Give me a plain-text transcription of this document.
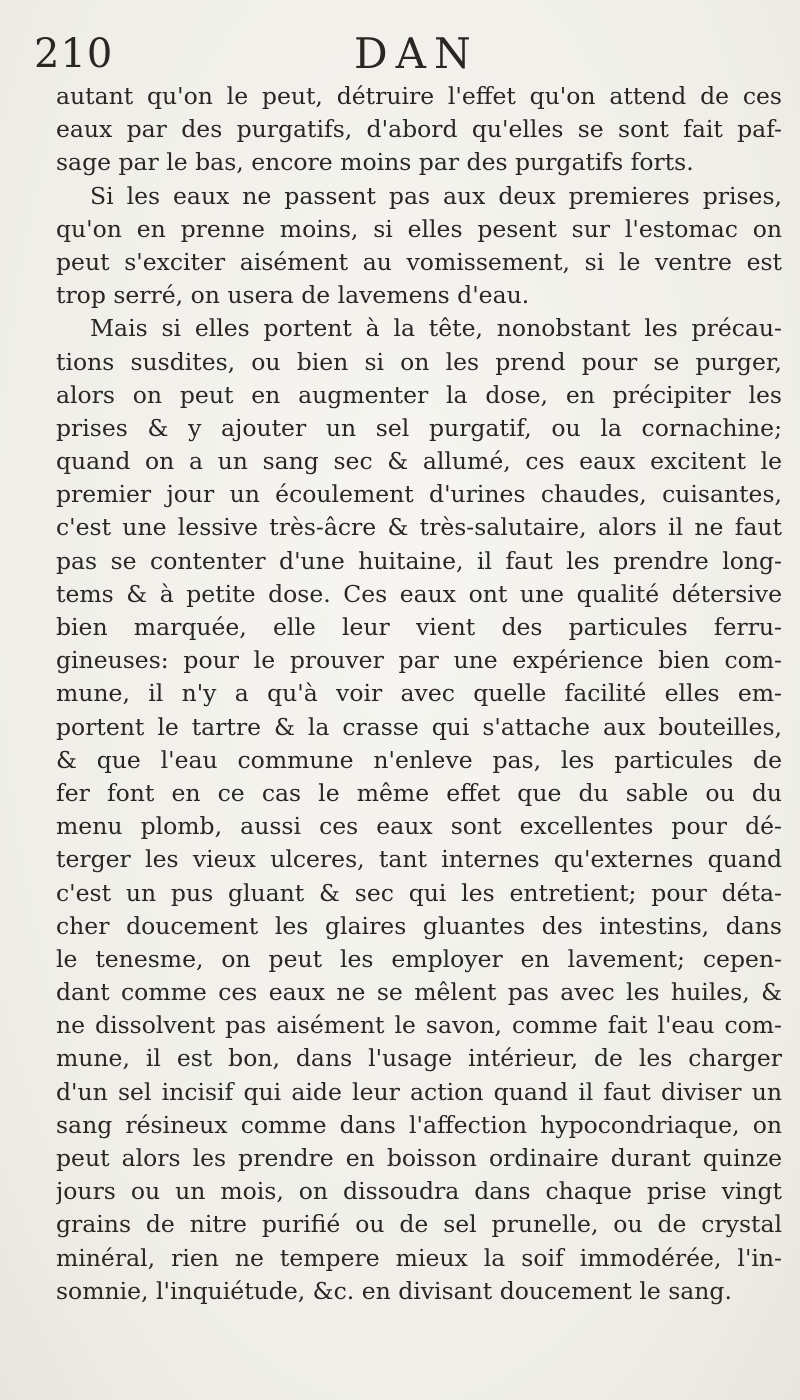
210	DAN
autant qu'on le peut, détruire l'effet qu'on attend de ces
eaux par des purgatifs, d'abord qu'elles se sont fait paf-
sage par le bas, encore moins par des purgatifs forts.
Si les eaux ne passent pas aux deux premieres prises,
qu'on en prenne moins, si elles pesent sur l'estomac on
peut s'exciter aisément au vomissement, si le ventre est
trop serré, on usera de lavemens d'eau.
Mais si elles portent à la tête, nonobstant les précau-
tions susdites, ou bien si on les prend pour se purger,
alors on peut en augmenter la dose, en précipiter les
prises & y ajouter un sel purgatif, ou la cornachine;
quand on a un sang sec & allumé, ces eaux excitent le
premier jour un écoulement d'urines chaudes, cuisantes,
c'est une lessive très-âcre & très-salutaire, alors il ne faut
pas se contenter d'une huitaine, il faut les prendre long-
tems & à petite dose. Ces eaux ont une qualité détersive
bien marquée, elle leur vient des particules ferru-
gineuses: pour le prouver par une expérience bien com-
mune, il n'y a qu'à voir avec quelle facilité elles em-
portent le tartre & la crasse qui s'attache aux bouteilles,
& que l'eau commune n'enleve pas, les particules de
fer font en ce cas le même effet que du sable ou du
menu plomb, aussi ces eaux sont excellentes pour dé-
terger les vieux ulceres, tant internes qu'externes quand
c'est un pus gluant & sec qui les entretient; pour déta-
cher doucement les glaires gluantes des intestins, dans
le tenesme, on peut les employer en lavement; cepen-
dant comme ces eaux ne se mêlent pas avec les huiles, &
ne dissolvent pas aisément le savon, comme fait l'eau com-
mune, il est bon, dans l'usage intérieur, de les charger
d'un sel incisif qui aide leur action quand il faut diviser un
sang résineux comme dans l'affection hypocondriaque, on
peut alors les prendre en boisson ordinaire durant quinze
jours ou un mois, on dissoudra dans chaque prise vingt
grains de nitre purifié ou de sel prunelle, ou de crystal
minéral, rien ne tempere mieux la soif immodérée, l'in-
somnie, l'inquiétude, &c. en divisant doucement le sang.
